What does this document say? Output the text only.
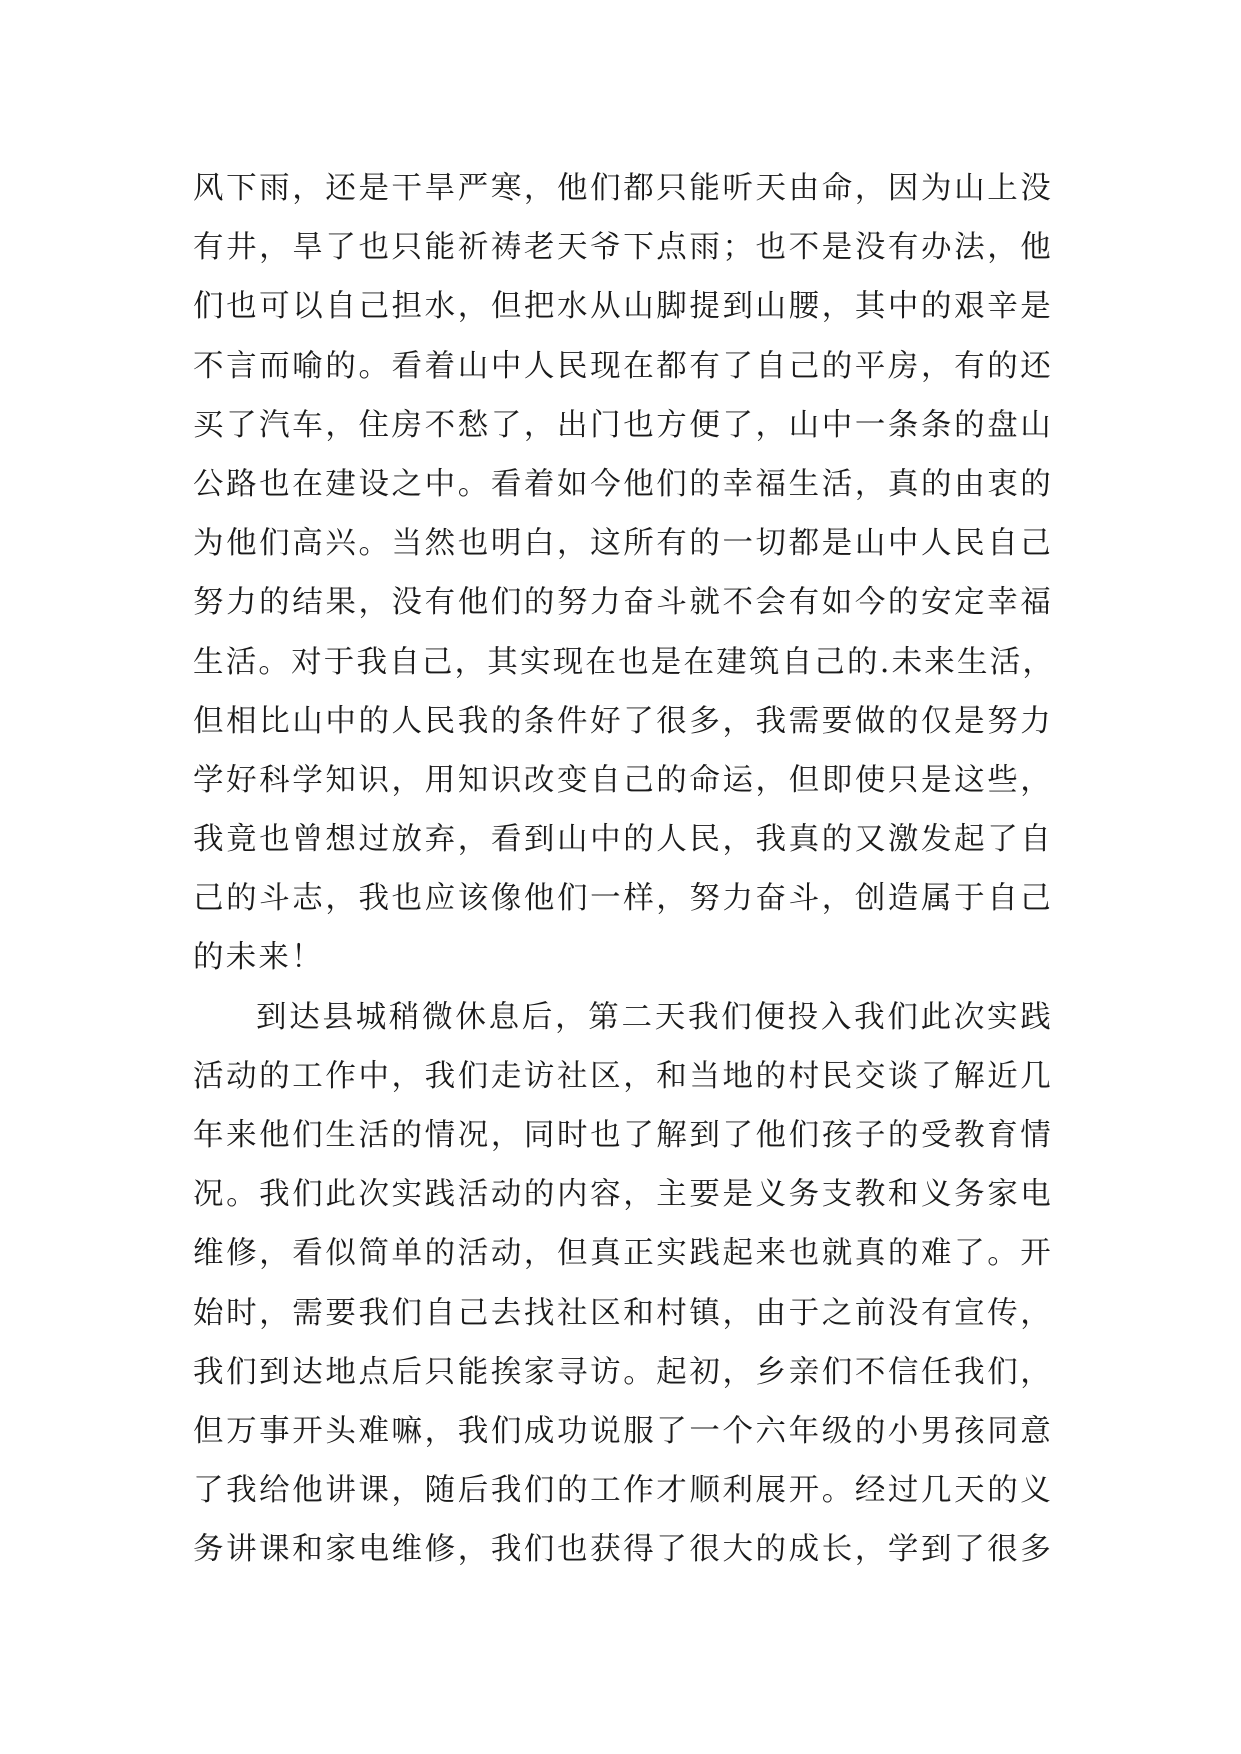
风下雨，还是干旱严寒，他们都只能听天由命，因为山上没
有井，旱了也只能祈祷老天爷下点雨；也不是没有办法，他
们也可以自己担水，但把水从山脚提到山腰，其中的艰辛是
不言而喻的。看着山中人民现在都有了自己的平房，有的还
买了汽车，住房不愁了，出门也方便了，山中一条条的盘山
公路也在建设之中。看着如今他们的幸福生活，真的由衷的
为他们高兴。当然也明白，这所有的一切都是山中人民自己
努力的结果，没有他们的努力奋斗就不会有如今的安定幸福
生活。对于我自己，其实现在也是在建筑自己的.未来生活，
但相比山中的人民我的条件好了很多，我需要做的仅是努力
学好科学知识，用知识改变自己的命运，但即使只是这些，
我竟也曾想过放弃，看到山中的人民，我真的又激发起了自
己的斗志，我也应该像他们一样，努力奋斗，创造属于自己
的未来！
到达县城稍微休息后，第二天我们便投入我们此次实践
活动的工作中，我们走访社区，和当地的村民交谈了解近几
年来他们生活的情况，同时也了解到了他们孩子的受教育情
况。我们此次实践活动的内容，主要是义务支教和义务家电
维修，看似简单的活动，但真正实践起来也就真的难了。开
始时，需要我们自己去找社区和村镇，由于之前没有宣传，
我们到达地点后只能挨家寻访。起初，乡亲们不信任我们，
但万事开头难嘛，我们成功说服了一个六年级的小男孩同意
了我给他讲课，随后我们的工作才顺利展开。经过几天的义
务讲课和家电维修，我们也获得了很大的成长，学到了很多
